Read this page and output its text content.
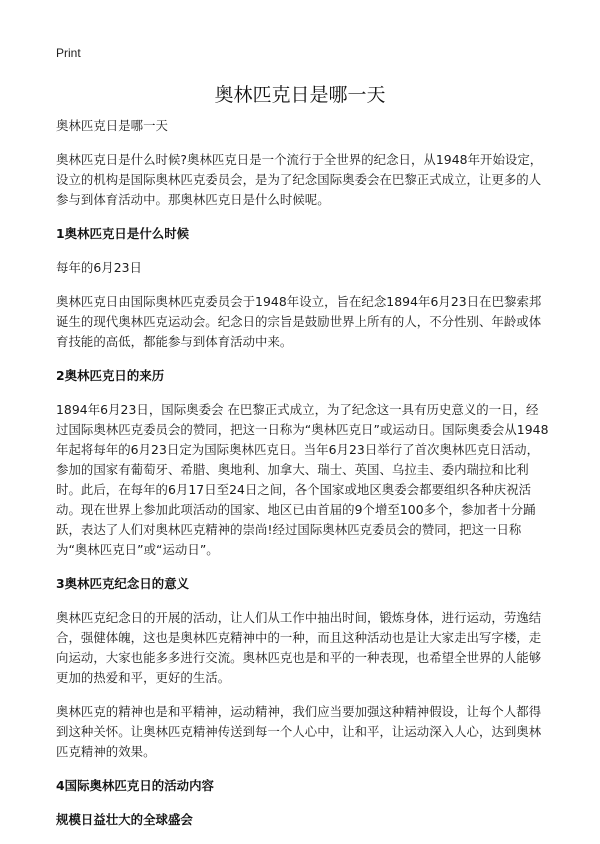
Print
奥林匹克日是哪一天

奥林匹克日是哪一天

奥林匹克日是什么时候?奥林匹克日是一个流行于全世界的纪念日，从1948年开始设定，设立的机构是国际奥林匹克委员会，是为了纪念国际奥委会在巴黎正式成立，让更多的人参与到体育活动中。那奥林匹克日是什么时候呢。

1奥林匹克日是什么时候

每年的6月23日

奥林匹克日由国际奥林匹克委员会于1948年设立，旨在纪念1894年6月23日在巴黎索邦诞生的现代奥林匹克运动会。纪念日的宗旨是鼓励世界上所有的人，不分性别、年龄或体育技能的高低，都能参与到体育活动中来。

2奥林匹克日的来历

1894年6月23日，国际奥委会 在巴黎正式成立，为了纪念这一具有历史意义的一日，经过国际奥林匹克委员会的赞同，把这一日称为“奥林匹克日”或运动日。国际奥委会从1948年起将每年的6月23日定为国际奥林匹克日。当年6月23日举行了首次奥林匹克日活动，参加的国家有葡萄牙、希腊、奥地利、加拿大、瑞士、英国、乌拉圭、委内瑞拉和比利时。此后，在每年的6月17日至24日之间，各个国家或地区奥委会都要组织各种庆祝活动。现在世界上参加此项活动的国家、地区已由首届的9个增至100多个，参加者十分踊跃，表达了人们对奥林匹克精神的崇尚!经过国际奥林匹克委员会的赞同，把这一日称为“奥林匹克日”或“运动日”。

3奥林匹克纪念日的意义

奥林匹克纪念日的开展的活动，让人们从工作中抽出时间，锻炼身体，进行运动，劳逸结合，强健体魄，这也是奥林匹克精神中的一种，而且这种活动也是让大家走出写字楼，走向运动，大家也能多多进行交流。奥林匹克也是和平的一种表现，也希望全世界的人能够更加的热爱和平，更好的生活。

奥林匹克的精神也是和平精神，运动精神，我们应当要加强这种精神假设，让每个人都得到这种关怀。让奥林匹克精神传送到每一个人心中，让和平，让运动深入人心，达到奥林匹克精神的效果。

4国际奥林匹克日的活动内容
规模日益壮大的全球盛会
